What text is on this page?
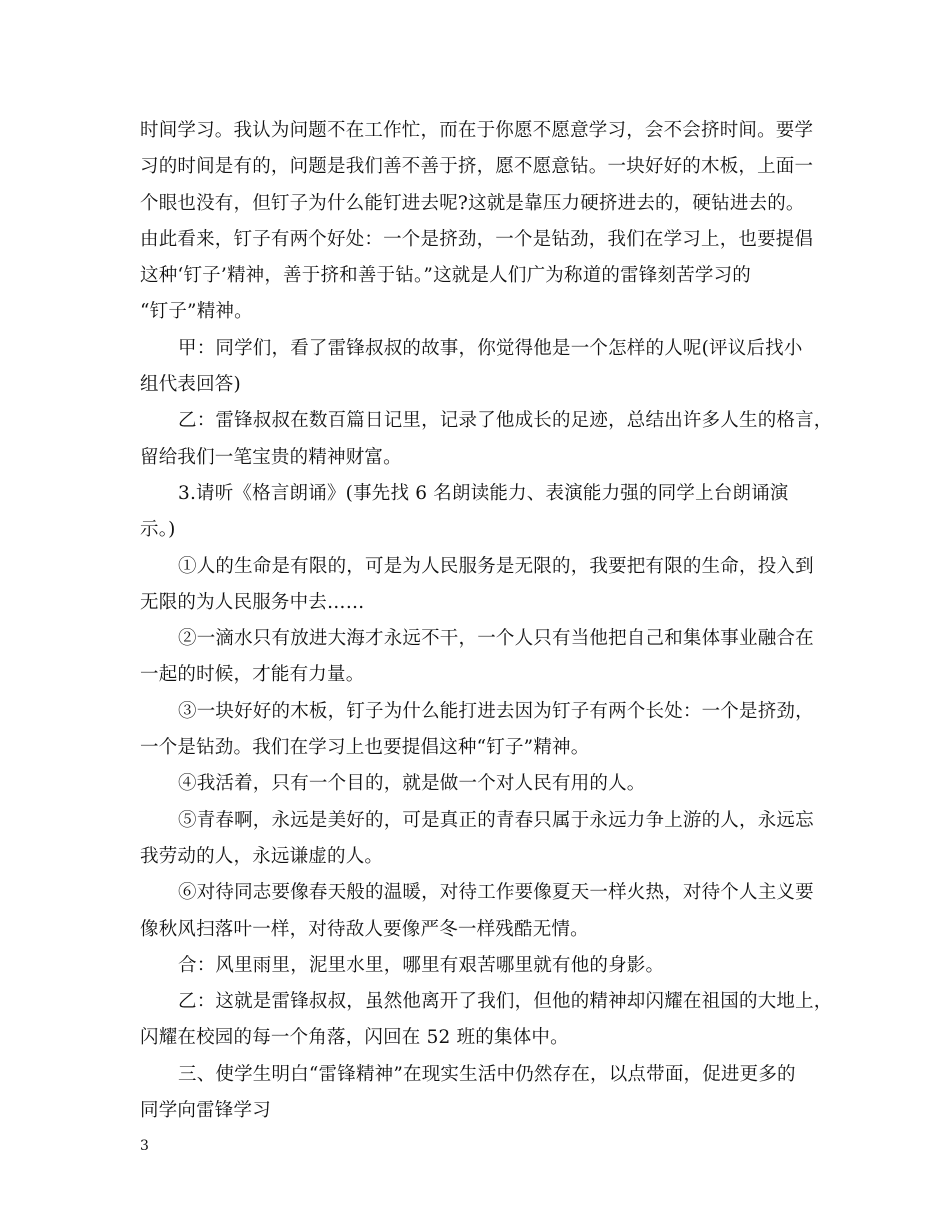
时间学习。我认为问题不在工作忙，而在于你愿不愿意学习，会不会挤时间。要学
习的时间是有的，问题是我们善不善于挤，愿不愿意钻。一块好好的木板，上面一
个眼也没有，但钉子为什么能钉进去呢?这就是靠压力硬挤进去的，硬钻进去的。
由此看来，钉子有两个好处：一个是挤劲，一个是钻劲，我们在学习上，也要提倡
这种‘钉子’精神，善于挤和善于钻。”这就是人们广为称道的雷锋刻苦学习的
“钉子”精神。
甲：同学们，看了雷锋叔叔的故事，你觉得他是一个怎样的人呢(评议后找小
组代表回答)
乙：雷锋叔叔在数百篇日记里，记录了他成长的足迹，总结出许多人生的格言，
留给我们一笔宝贵的精神财富。
3.请听《格言朗诵》(事先找 6 名朗读能力、表演能力强的同学上台朗诵演
示。)
①人的生命是有限的，可是为人民服务是无限的，我要把有限的生命，投入到
无限的为人民服务中去……
②一滴水只有放进大海才永远不干，一个人只有当他把自己和集体事业融合在
一起的时候，才能有力量。
③一块好好的木板，钉子为什么能打进去因为钉子有两个长处：一个是挤劲，
一个是钻劲。我们在学习上也要提倡这种“钉子”精神。
④我活着，只有一个目的，就是做一个对人民有用的人。
⑤青春啊，永远是美好的，可是真正的青春只属于永远力争上游的人，永远忘
我劳动的人，永远谦虚的人。
⑥对待同志要像春天般的温暖，对待工作要像夏天一样火热，对待个人主义要
像秋风扫落叶一样，对待敌人要像严冬一样残酷无情。
合：风里雨里，泥里水里，哪里有艰苦哪里就有他的身影。
乙：这就是雷锋叔叔，虽然他离开了我们，但他的精神却闪耀在祖国的大地上，
闪耀在校园的每一个角落，闪回在 52 班的集体中。
三、使学生明白“雷锋精神”在现实生活中仍然存在，以点带面，促进更多的
同学向雷锋学习
3
